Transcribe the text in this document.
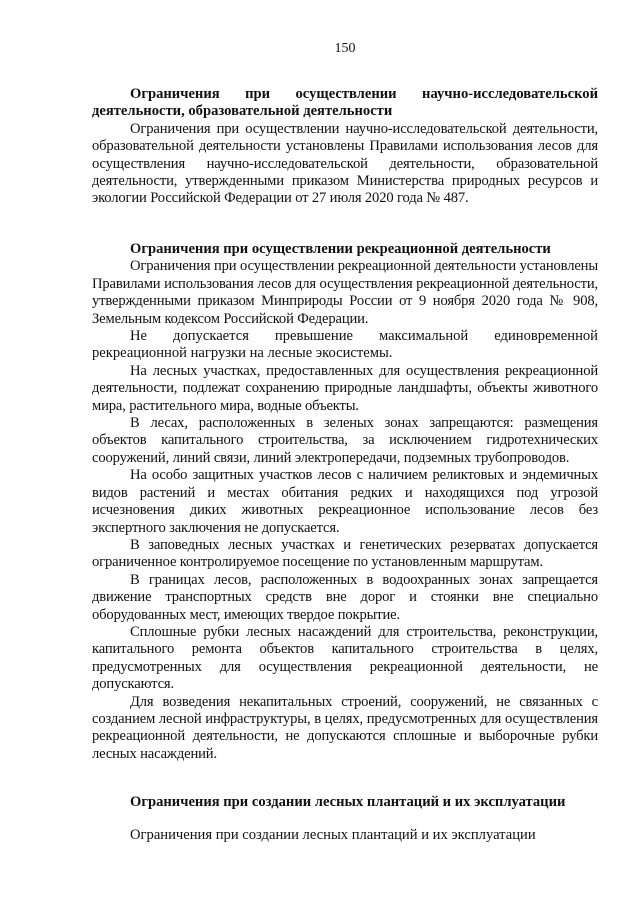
150

Ограничения при осуществлении научно-исследовательской деятельности, образовательной деятельности

Ограничения при осуществлении научно-исследовательской деятельности, образовательной деятельности установлены Правилами использования лесов для осуществления научно-исследовательской деятельности, образовательной деятельности, утвержденными приказом Министерства природных ресурсов и экологии Российской Федерации от 27 июля 2020 года № 487.

Ограничения при осуществлении рекреационной деятельности

Ограничения при осуществлении рекреационной деятельности установлены Правилами использования лесов для осуществления рекреационной деятельности, утвержденными приказом Минприроды России от 9 ноября 2020 года № 908, Земельным кодексом Российской Федерации.

Не допускается превышение максимальной единовременной рекреационной нагрузки на лесные экосистемы.

На лесных участках, предоставленных для осуществления рекреационной деятельности, подлежат сохранению природные ландшафты, объекты животного мира, растительного мира, водные объекты.

В лесах, расположенных в зеленых зонах запрещаются: размещения объектов капитального строительства, за исключением гидротехнических сооружений, линий связи, линий электропередачи, подземных трубопроводов.

На особо защитных участков лесов с наличием реликтовых и эндемичных видов растений и местах обитания редких и находящихся под угрозой исчезновения диких животных рекреационное использование лесов без экспертного заключения не допускается.

В заповедных лесных участках и генетических резерватах допускается ограниченное контролируемое посещение по установленным маршрутам.

В границах лесов, расположенных в водоохранных зонах запрещается движение транспортных средств вне дорог и стоянки вне специально оборудованных мест, имеющих твердое покрытие.

Сплошные рубки лесных насаждений для строительства, реконструкции, капитального ремонта объектов капитального строительства в целях, предусмотренных для осуществления рекреационной деятельности, не допускаются.

Для возведения некапитальных строений, сооружений, не связанных с созданием лесной инфраструктуры, в целях, предусмотренных для осуществления рекреационной деятельности, не допускаются сплошные и выборочные рубки лесных насаждений.

Ограничения при создании лесных плантаций и их эксплуатации

Ограничения при создании лесных плантаций и их эксплуатации
